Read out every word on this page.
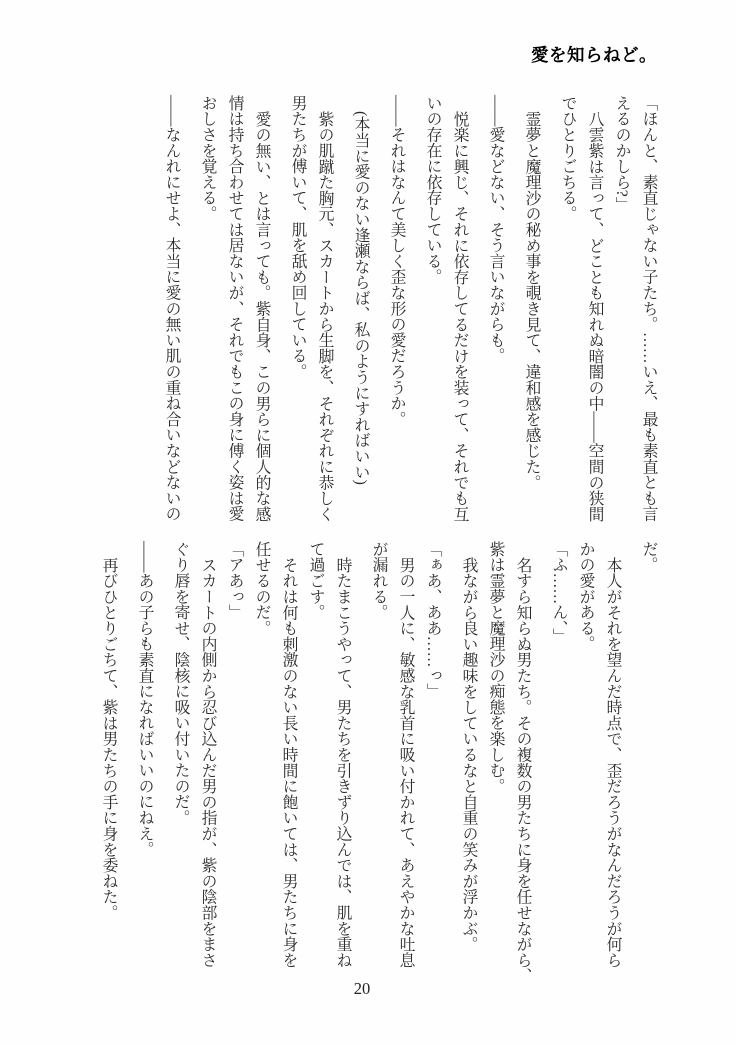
愛を知らねど。
「ほんと、素直じゃない子たち。……いえ、最も素直とも言
えるのかしら?」
八雲紫は言って、どことも知れぬ暗闇の中――空間の狭間
でひとりごちる。
霊夢と魔理沙の秘め事を覗き見て、違和感を感じた。
――愛などない、そう言いながらも。
悦楽に興じ、それに依存してるだけを装って、それでも互
いの存在に依存している。
――それはなんて美しく歪な形の愛だろうか。
(本当に愛のない逢瀬ならば、私のようにすればいい)
紫の肌蹴た胸元、スカートから生脚を、それぞれに恭しく
男たちが傅いて、肌を舐め回している。
愛の無い、とは言っても。紫自身、この男らに個人的な感
情は持ち合わせては居ないが、それでもこの身に傅く姿は愛
おしさを覚える。
――なんれにせよ、本当に愛の無い肌の重ね合いなどないの
だ。
本人がそれを望んだ時点で、歪だろうがなんだろうが何ら
かの愛がある。
「ふ……ん、」
名すら知らぬ男たち。その複数の男たちに身を任せながら、
紫は霊夢と魔理沙の痴態を楽しむ。
我ながら良い趣味をしているなと自重の笑みが浮かぶ。
「ぁあ、ああ……っ」
男の一人に、敏感な乳首に吸い付かれて、あえやかな吐息
が漏れる。
時たまこうやって、男たちを引きずり込んでは、肌を重ね
て過ごす。
それは何も刺激のない長い時間に飽いては、男たちに身を
任せるのだ。
「アあっ」
スカートの内側から忍び込んだ男の指が、紫の陰部をまさ
ぐり唇を寄せ、陰核に吸い付いたのだ。
――あの子らも素直になればいいのにねえ。
再びひとりごちて、紫は男たちの手に身を委ねた。
20
